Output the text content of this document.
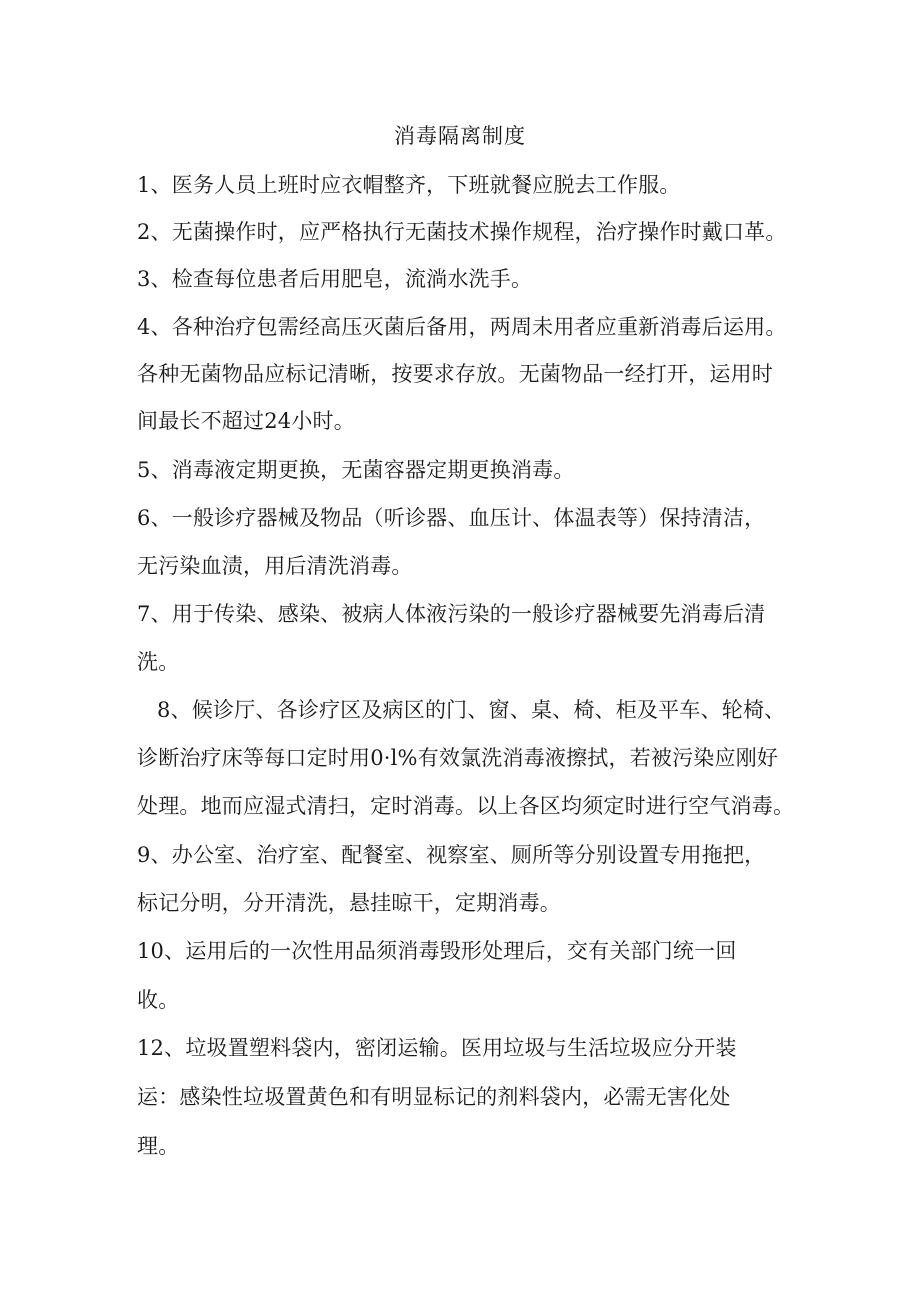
消毒隔离制度
1、医务人员上班时应衣帽整齐，下班就餐应脱去工作服。
2、无菌操作时，应严格执行无菌技术操作规程，治疗操作时戴口革。
3、检查每位患者后用肥皂，流淌水洗手。
4、各种治疗包需经高压灭菌后备用，两周未用者应重新消毒后运用。
各种无菌物品应标记清晰，按要求存放。无菌物品一经打开，运用时
间最长不超过24小时。
5、消毒液定期更换，无菌容器定期更换消毒。
6、一般诊疗器械及物品（听诊器、血压计、体温表等）保持清洁，
无污染血渍，用后清洗消毒。
7、用于传染、感染、被病人体液污染的一般诊疗器械要先消毒后清
洗。
8、候诊厅、各诊疗区及病区的门、窗、桌、椅、柜及平车、轮椅、
诊断治疗床等每口定时用0·l%有效氯洗消毒液擦拭，若被污染应刚好
处理。地而应湿式清扫，定时消毒。以上各区均须定时进行空气消毒。
9、办公室、治疗室、配餐室、视察室、厕所等分别设置专用拖把，
标记分明，分开清洗，悬挂晾干，定期消毒。
10、运用后的一次性用品须消毒毁形处理后，交有关部门统一回
收。
12、垃圾置塑料袋内，密闭运输。医用垃圾与生活垃圾应分开装
运：感染性垃圾置黄色和有明显标记的剂料袋内，必需无害化处
理。
